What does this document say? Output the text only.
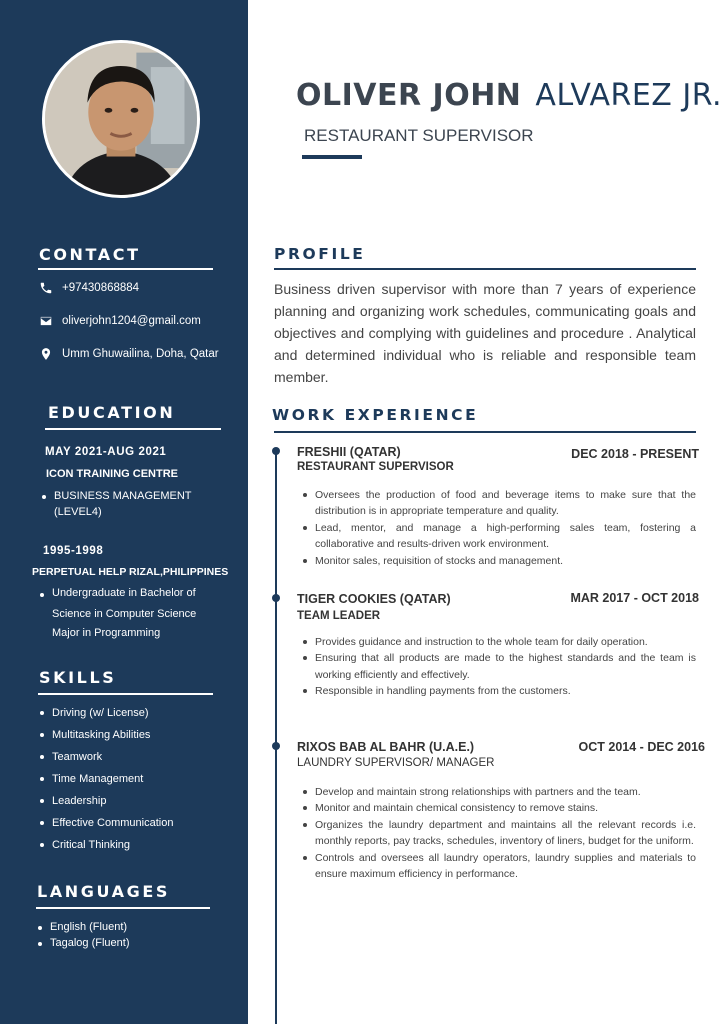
CONTACT
+97430868884
oliverjohn1204@gmail.com
Umm Ghuwailina, Doha, Qatar
EDUCATION
MAY 2021-AUG 2021
ICON TRAINING CENTRE
BUSINESS MANAGEMENT
(LEVEL4)
1995-1998
PERPETUAL HELP RIZAL,PHILIPPINES
Undergraduate in Bachelor of
Science in Computer Science
Major in Programming
SKILLS
Driving (w/ License)
Multitasking Abilities
Teamwork
Time Management
Leadership
Effective Communication
Critical Thinking
LANGUAGES
English (Fluent)
Tagalog (Fluent)
OLIVER JOHN ALVAREZ JR.
RESTAURANT SUPERVISOR
PROFILE
Business driven supervisor with more than 7 years of experience planning and organizing work schedules, communicating goals and objectives and complying with guidelines and procedure . Analytical and determined individual who is reliable and responsible team member.
WORK EXPERIENCE
FRESHII (QATAR)	DEC 2018 - PRESENT
RESTAURANT SUPERVISOR
Oversees the production of food and beverage items to make sure that the distribution is in appropriate temperature and quality.
Lead, mentor, and manage a high-performing sales team, fostering a collaborative and results-driven work environment.
Monitor sales, requisition of stocks and management.
TIGER COOKIES (QATAR)	MAR 2017 - OCT 2018
TEAM LEADER
Provides guidance and instruction to the whole team for daily operation.
Ensuring that all products are made to the highest standards and the team is working efficiently and effectively.
Responsible in handling payments from the customers.
RIXOS BAB AL BAHR (U.A.E.)	OCT 2014 - DEC 2016
LAUNDRY SUPERVISOR/ MANAGER
Develop and maintain strong relationships with partners and the team.
Monitor and maintain chemical consistency to remove stains.
Organizes the laundry department and maintains all the relevant records i.e. monthly reports, pay tracks, schedules, inventory of liners, budget for the uniform.
Controls and oversees all laundry operators, laundry supplies and materials to ensure maximum efficiency in performance.
